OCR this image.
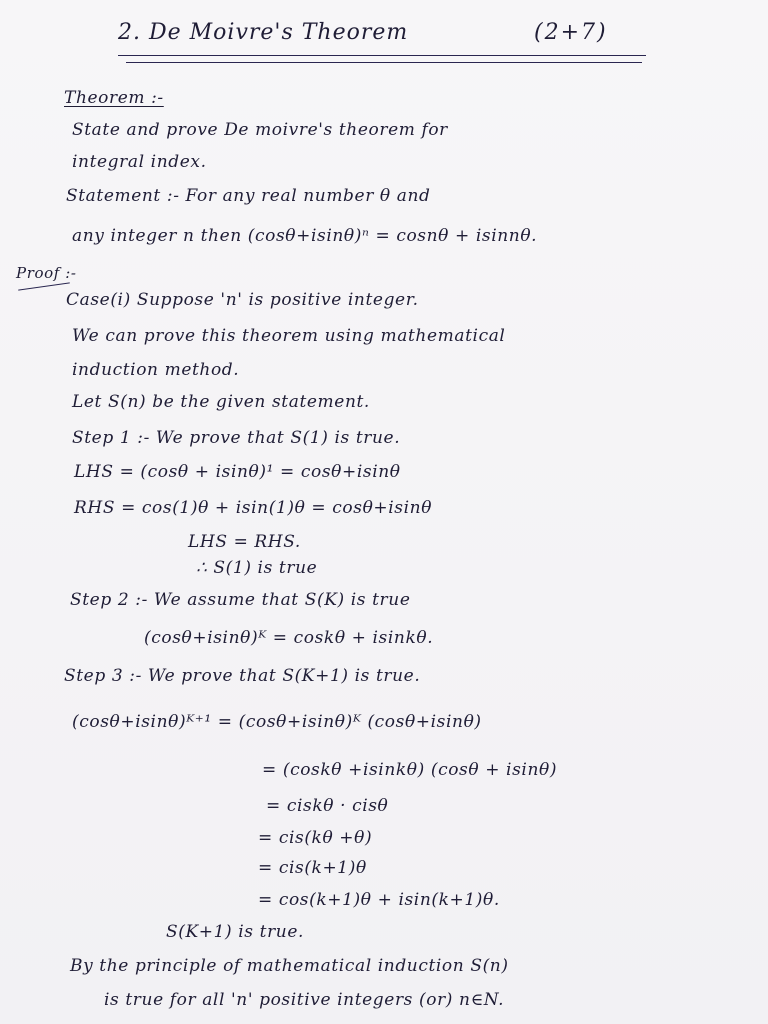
2. De Moivre's Theorem	(2+7)
Theorem :-
State and prove De moivre's theorem for
integral index.
Statement :- For any real number θ and
any integer n then (cosθ+isinθ)ⁿ = cosnθ + isinnθ.
Proof :-
Case(i) Suppose 'n' is positive integer.
We can prove this theorem using mathematical
induction method.
Let S(n) be the given statement.
Step 1 :- We prove that S(1) is true.
LHS = (cosθ + isinθ)¹ = cosθ+isinθ
RHS = cos(1)θ + isin(1)θ = cosθ+isinθ
LHS = RHS.
∴ S(1) is true
Step 2 :- We assume that S(K) is true
(cosθ+isinθ)ᴷ = coskθ + isinkθ.
Step 3 :- We prove that S(K+1) is true.
(cosθ+isinθ)ᴷ⁺¹ = (cosθ+isinθ)ᴷ (cosθ+isinθ)
= (coskθ +isinkθ) (cosθ + isinθ)
= ciskθ · cisθ
= cis(kθ +θ)
= cis(k+1)θ
= cos(k+1)θ + isin(k+1)θ.
S(K+1) is true.
By the principle of mathematical induction S(n)
is true for all 'n' positive integers (or) n∈N.
